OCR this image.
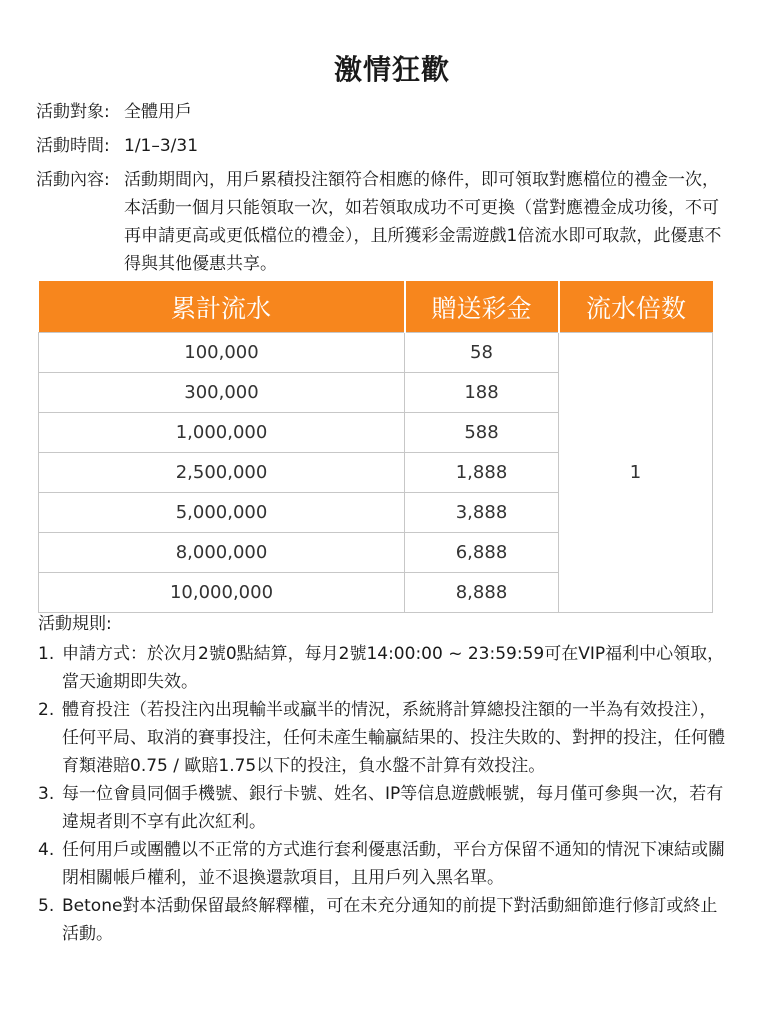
激情狂歡
活動對象: 全體用戶
活動時間: 1/1–3/31
活動內容: 活動期間內，用戶累積投注額符合相應的條件，即可領取對應檔位的禮金一次，本活動一個月只能領取一次，如若領取成功不可更換（當對應禮金成功後，不可再申請更高或更低檔位的禮金），且所獲彩金需遊戲1倍流水即可取款，此優惠不得與其他優惠共享。
累計流水	贈送彩金	流水倍数
100,000	58	1
300,000	188	
1,000,000	588	
2,500,000	1,888	
5,000,000	3,888	
8,000,000	6,888	
10,000,000	8,888	
活動規則:
1. 申請方式：於次月2號0點結算，每月2號14:00:00 ~ 23:59:59可在VIP福利中心領取，當天逾期即失效。
2. 體育投注（若投注內出現輸半或贏半的情況，系統將計算總投注額的一半為有效投注），任何平局、取消的賽事投注，任何未產生輸贏結果的、投注失敗的、對押的投注，任何體育類港賠0.75 / 歐賠1.75以下的投注，負水盤不計算有效投注。
3. 每一位會員同個手機號、銀行卡號、姓名、IP等信息遊戲帳號，每月僅可參與一次，若有違規者則不享有此次紅利。
4. 任何用戶或團體以不正常的方式進行套利優惠活動，平台方保留不通知的情況下凍結或關閉相關帳戶權利，並不退換還款項目，且用戶列入黑名單。
5. Betone對本活動保留最終解釋權，可在未充分通知的前提下對活動細節進行修訂或終止活動。
